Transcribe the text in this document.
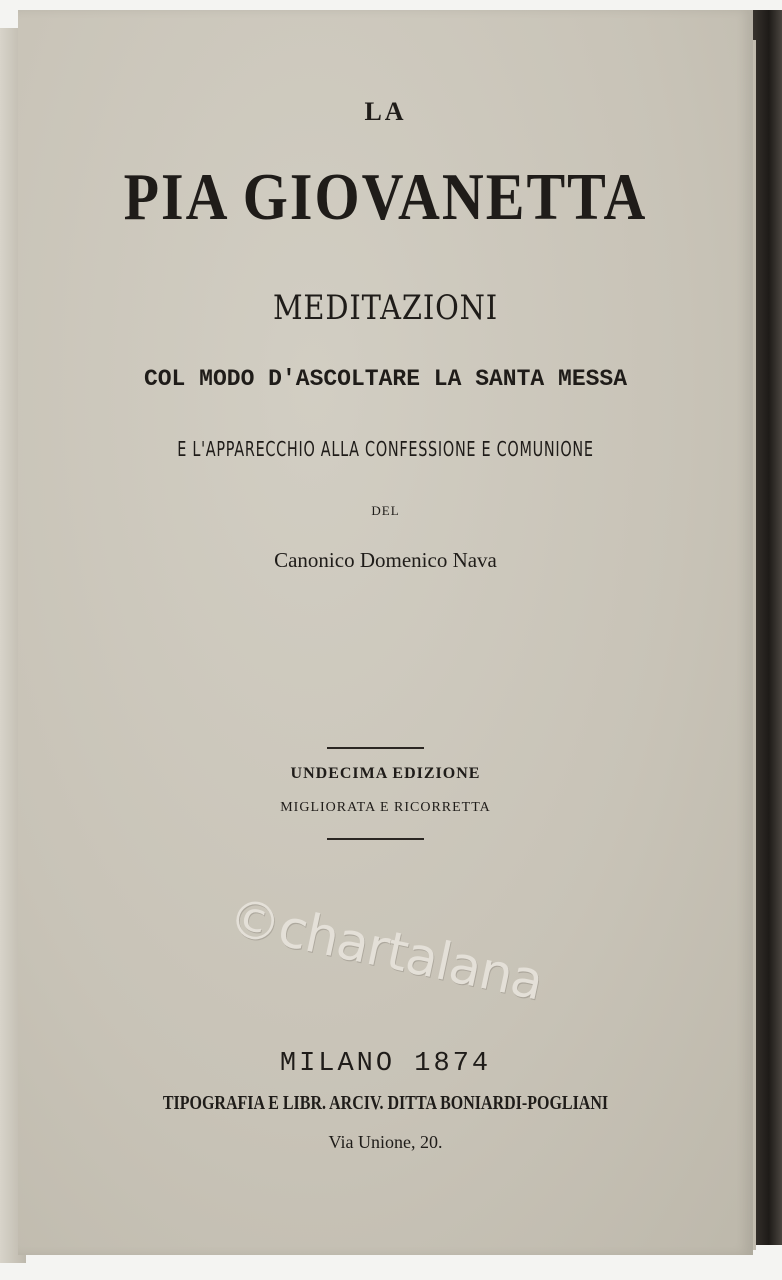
LA

PIA GIOVANETTA

MEDITAZIONI

COL MODO D'ASCOLTARE LA SANTA MESSA

E L'APPARECCHIO ALLA CONFESSIONE E COMUNIONE

DEL

Canonico Domenico Nava

UNDECIMA EDIZIONE

MIGLIORATA E RICORRETTA

©chartalana

MILANO 1874

TIPOGRAFIA E LIBR. ARCIV. DITTA BONIARDI-POGLIANI

Via Unione, 20.
